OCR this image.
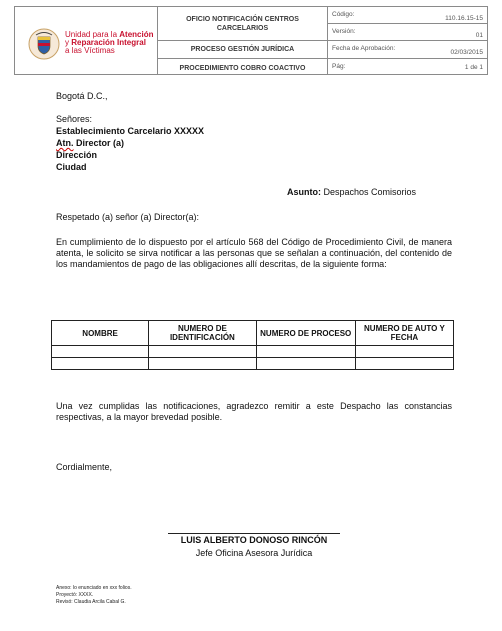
Unidad para la Atención
y Reparación Integral
a las Víctimas
OFICIO NOTIFICACIÓN CENTROS CARCELARIOS
PROCESO GESTIÓN JURÍDICA
PROCEDIMIENTO COBRO COACTIVO
Código:
110.16.15-15
Versión:
01
Fecha de Aprobación:
02/03/2015
Pág:	1 de 1
Bogotá D.C.,
Señores:
Establecimiento Carcelario XXXXX
Atn. Director (a)
Dirección
Ciudad
Asunto: Despachos Comisorios
Respetado (a) señor (a) Director(a):
En cumplimiento de lo dispuesto por el artículo 568 del Código de Procedimiento Civil, de manera atenta, le solicito se sirva notificar a las personas que se señalan a continuación, del contenido de los mandamientos de pago de las obligaciones allí descritas, de la siguiente forma:
NOMBRE	NUMERO DE IDENTIFICACIÓN	NUMERO DE PROCESO	NUMERO DE AUTO Y FECHA

Una vez cumplidas las notificaciones, agradezco remitir a este Despacho las constancias respectivas, a la mayor brevedad posible.
Cordialmente,
LUIS ALBERTO DONOSO RINCÓN
Jefe Oficina Asesora Jurídica
Anexo: lo enunciado en xxx folios.
Proyectó: XXXX.
Revisó: Claudia Arcila Cabal G.
